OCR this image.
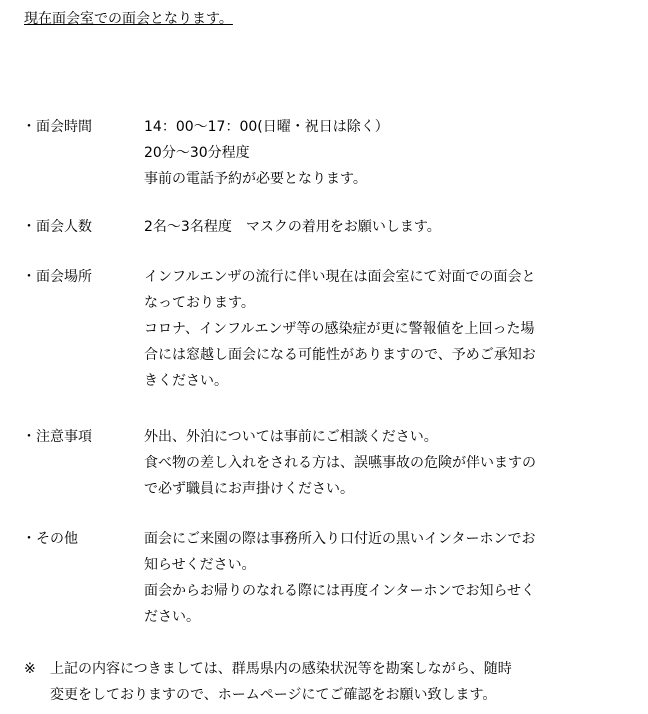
現在面会室での面会となります。
・面会時間	14：00～17：00(日曜・祝日は除く）
20分～30分程度
事前の電話予約が必要となります。
・面会人数	2名～3名程度　マスクの着用をお願いします。
・面会場所	インフルエンザの流行に伴い現在は面会室にて対面での面会と
なっております。
コロナ、インフルエンザ等の感染症が更に警報値を上回った場
合には窓越し面会になる可能性がありますので、予めご承知お
きください。
・注意事項	外出、外泊については事前にご相談ください。
食べ物の差し入れをされる方は、誤嚥事故の危険が伴いますの
で必ず職員にお声掛けください。
・その他	面会にご来園の際は事務所入り口付近の黒いインターホンでお
知らせください。
面会からお帰りのなれる際には再度インターホンでお知らせく
ださい。
※ 上記の内容につきましては、群馬県内の感染状況等を勘案しながら、随時
変更をしておりますので、ホームページにてご確認をお願い致します。
